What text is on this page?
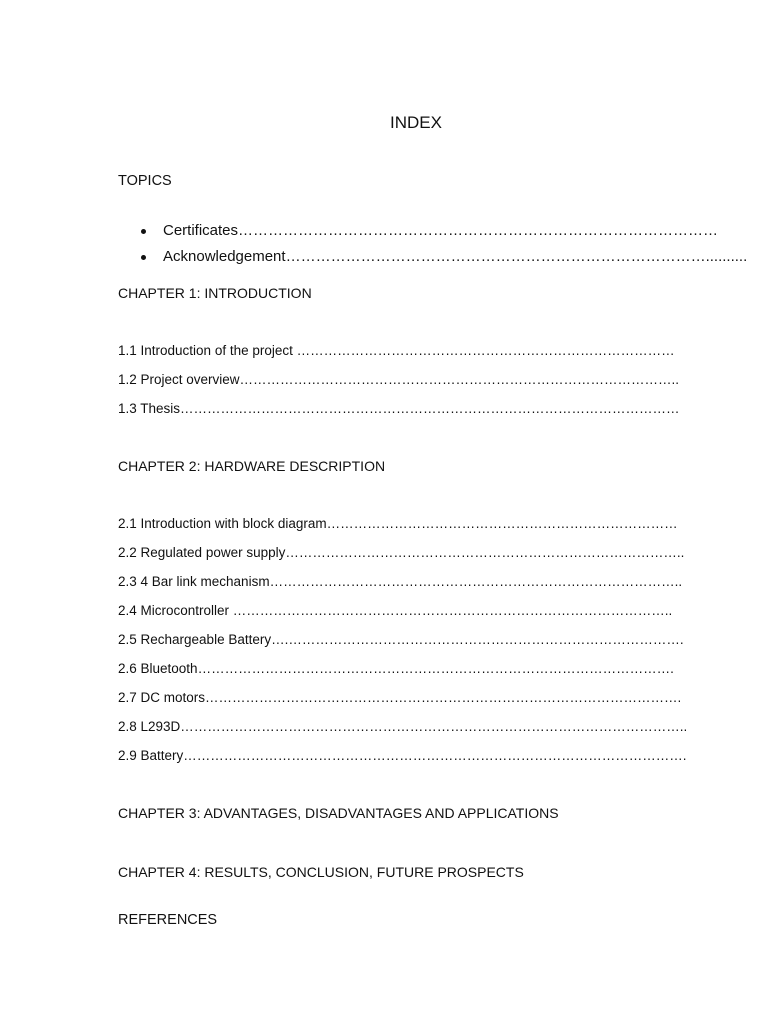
INDEX
TOPICS
Certificates……………………………………………………………………………………
Acknowledgement…………………………………………………………………………..........
CHAPTER 1: INTRODUCTION
1.1 Introduction of the project …………………………………………………………………………
1.2 Project overview……………………………………………………………………………………..
1.3 Thesis…………………………………………………………………………………………………
CHAPTER 2: HARDWARE DESCRIPTION
2.1 Introduction with block diagram……………………………………………………………………
2.2 Regulated power supply……………………………………………………………………………..
2.3 4 Bar link mechanism………………………………………………………………………………..
2.4 Microcontroller ……………………………………………………………………………………..
2.5 Rechargeable Battery….…………………………………………………………………………….
2.6 Bluetooth…………………………………………………………………………………………….
2.7 DC motors…………………………………………………………………………………………….
2.8 L293D…………………………………………………………………………………………………..
2.9 Battery………………………………………………………………………………………………….
CHAPTER 3: ADVANTAGES, DISADVANTAGES AND APPLICATIONS
CHAPTER 4: RESULTS, CONCLUSION, FUTURE PROSPECTS
REFERENCES
